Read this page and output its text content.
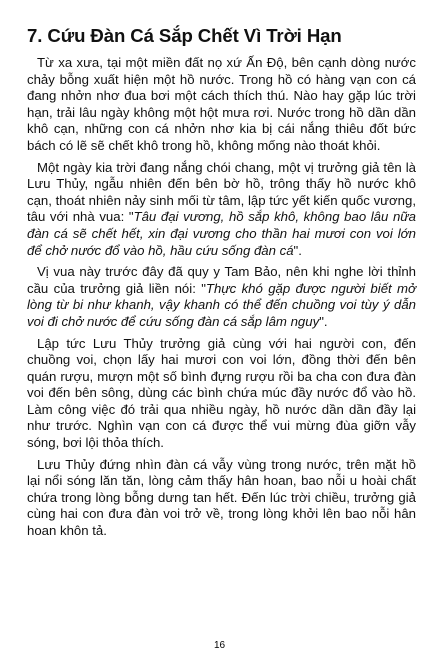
7. Cứu Đàn Cá Sắp Chết Vì Trời Hạn

Từ xa xưa, tại một miền đất nọ xứ Ấn Độ, bên cạnh dòng nước chảy bỗng xuất hiện một hồ nước. Trong hồ có hàng vạn con cá đang nhởn nhơ đua bơi một cách thích thú. Nào hay gặp lúc trời hạn, trải lâu ngày không một hột mưa rơi. Nước trong hồ dần dần khô cạn, những con cá nhởn nhơ kia bị cái nắng thiêu đốt bức bách có lẽ sẽ chết khô trong hồ, không mống nào thoát khỏi.

Một ngày kia trời đang nắng chói chang, một vị trưởng giả tên là Lưu Thủy, ngẫu nhiên đến bên bờ hồ, trông thấy hồ nước khô cạn, thoát nhiên nảy sinh mối từ tâm, lập tức yết kiến quốc vương, tâu với nhà vua: "Tâu đại vương, hồ sắp khô, không bao lâu nữa đàn cá sẽ chết hết, xin đại vương cho thần hai mươi con voi lớn để chở nước đổ vào hồ, hầu cứu sống đàn cá".

Vị vua này trước đây đã quy y Tam Bảo, nên khi nghe lời thỉnh cầu của trưởng giả liền nói: "Thực khó gặp được người biết mở lòng từ bi như khanh, vậy khanh có thể đến chuồng voi tùy ý dẫn voi đi chở nước để cứu sống đàn cá sắp lâm nguy".

Lập tức Lưu Thủy trưởng giả cùng với hai người con, đến chuồng voi, chọn lấy hai mươi con voi lớn, đồng thời đến bên quán rượu, mượn một số bình đựng rượu rồi ba cha con đưa đàn voi đến bên sông, dùng các bình chứa múc đầy nước đổ vào hồ. Làm công việc đó trải qua nhiều ngày, hồ nước dần dần đầy lại như trước. Nghìn vạn con cá được thể vui mừng đùa giỡn vẫy sóng, bơi lội thỏa thích.

Lưu Thủy đứng nhìn đàn cá vẫy vùng trong nước, trên mặt hồ lại nổi sóng lăn tăn, lòng cảm thấy hân hoan, bao nỗi u hoài chất chứa trong lòng bỗng dưng tan hết. Đến lúc trời chiều, trưởng giả cùng hai con đưa đàn voi trở về, trong lòng khởi lên bao nỗi hân hoan khôn tả.

16
